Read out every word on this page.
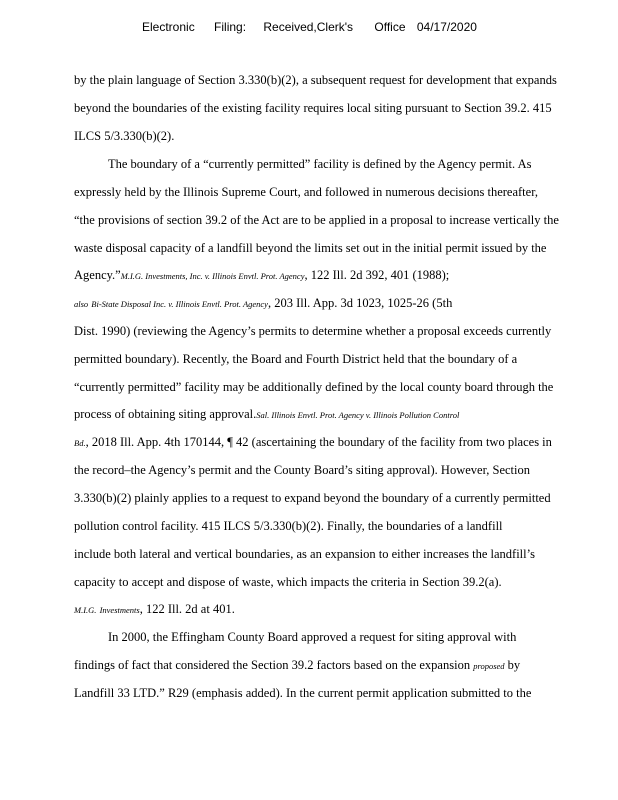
Electronic Filing: Received,Clerk's Office 04/17/2020
by the plain language of Section 3.330(b)(2), a subsequent request for development that expands
beyond the boundaries of the existing facility requires local siting pursuant to Section 39.2. 415
ILCS 5/3.330(b)(2).
The boundary of a “currently permitted” facility is defined by the Agency permit. As
expressly held by the Illinois Supreme Court, and followed in numerous decisions thereafter,
“the provisions of section 39.2 of the Act are to be applied in a proposal to increase vertically the
waste disposal capacity of a landfill beyond the limits set out in the initial permit issued by the
Agency.”M.I.G. Investments, Inc. v. Illinois Envtl. Prot. Agency, 122 Ill. 2d 392, 401 (1988);
also Bi-State Disposal Inc. v. Illinois Envtl. Prot. Agency, 203 Ill. App. 3d 1023, 1025-26 (5th
Dist. 1990) (reviewing the Agency’s permits to determine whether a proposal exceeds currently
permitted boundary). Recently, the Board and Fourth District held that the boundary of a
“currently permitted” facility may be additionally defined by the local county board through the
process of obtaining siting approval.Sal. Illinois Envtl. Prot. Agency v. Illinois Pollution Control
Bd., 2018 Ill. App. 4th 170144, ¶ 42 (ascertaining the boundary of the facility from two places in
the record–the Agency’s permit and the County Board’s siting approval). However, Section
3.330(b)(2) plainly applies to a request to expand beyond the boundary of a currently permitted
pollution control facility. 415 ILCS 5/3.330(b)(2). Finally, the boundaries of a landfill
include both lateral and vertical boundaries, as an expansion to either increases the landfill’s
capacity to accept and dispose of waste, which impacts the criteria in Section 39.2(a).
M.I.G. Investments, 122 Ill. 2d at 401.
In 2000, the Effingham County Board approved a request for siting approval with
findings of fact that considered the Section 39.2 factors based on the expansion proposed by
Landfill 33 LTD.” R29 (emphasis added). In the current permit application submitted to the
